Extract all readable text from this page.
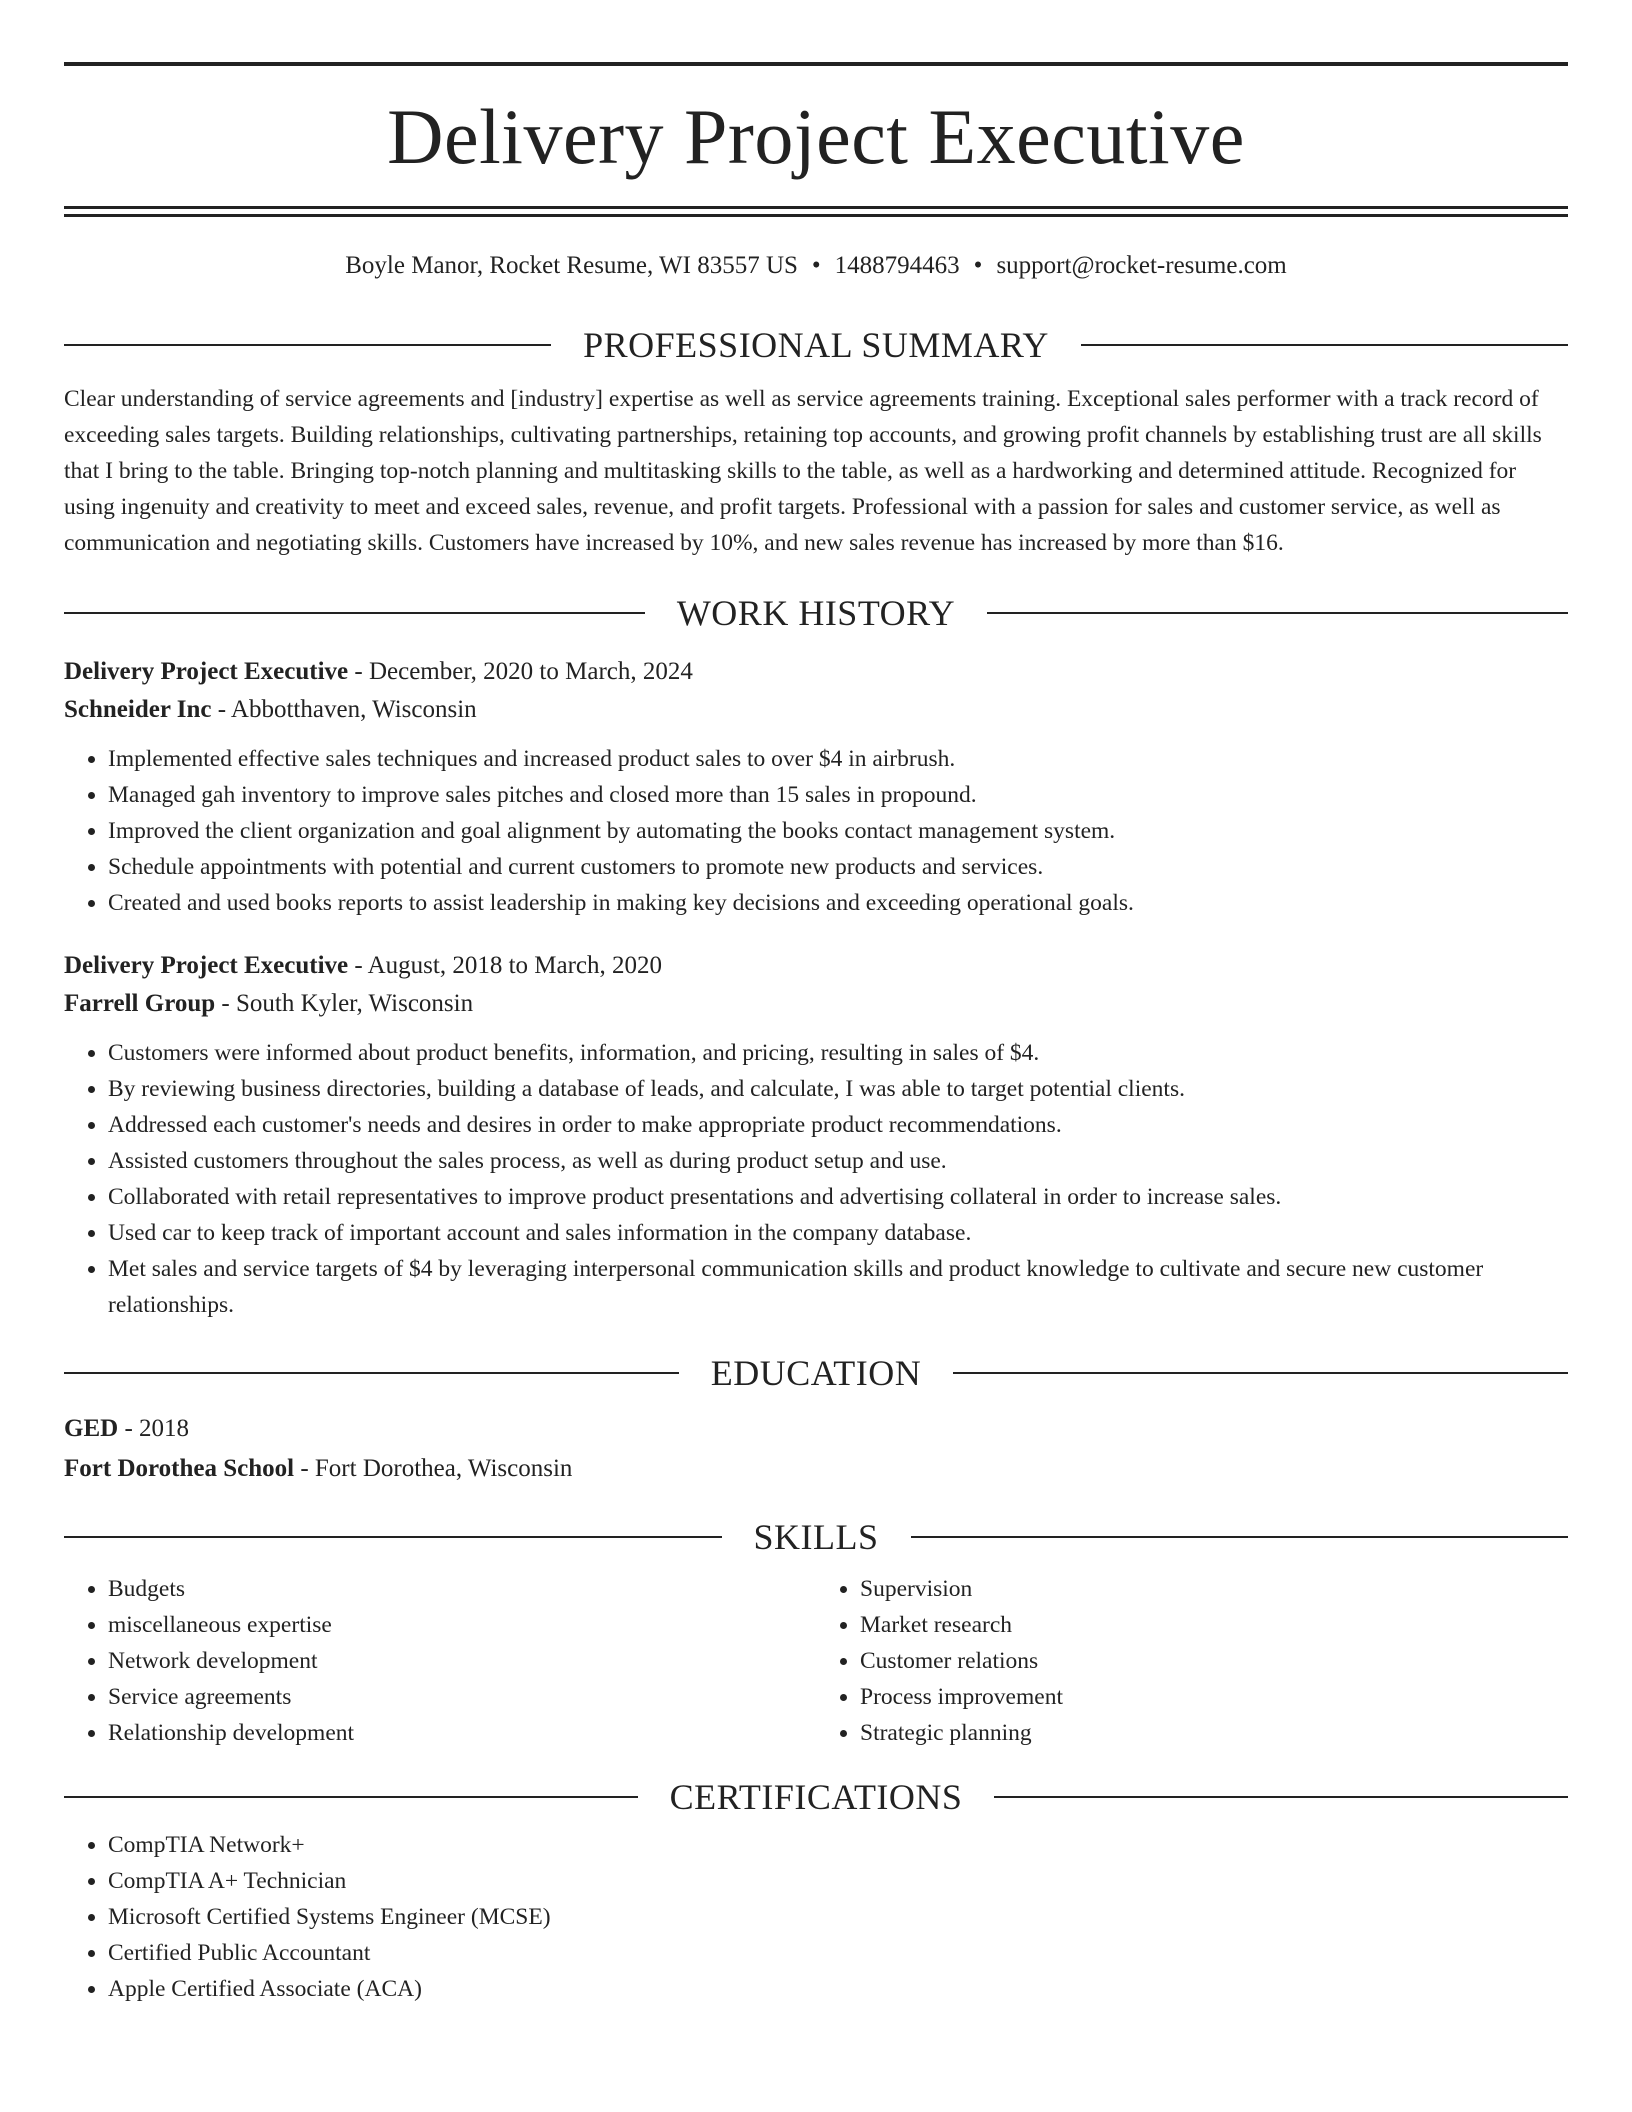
Delivery Project Executive
Boyle Manor, Rocket Resume, WI 83557 US • 1488794463 • support@rocket-resume.com
PROFESSIONAL SUMMARY

Clear understanding of service agreements and [industry] expertise as well as service agreements training. Exceptional sales performer with a track record of exceeding sales targets. Building relationships, cultivating partnerships, retaining top accounts, and growing profit channels by establishing trust are all skills that I bring to the table. Bringing top-notch planning and multitasking skills to the table, as well as a hardworking and determined attitude. Recognized for using ingenuity and creativity to meet and exceed sales, revenue, and profit targets. Professional with a passion for sales and customer service, as well as communication and negotiating skills. Customers have increased by 10%, and new sales revenue has increased by more than $16.

WORK HISTORY
Delivery Project Executive - December, 2020 to March, 2024
Schneider Inc - Abbotthaven, Wisconsin
• Implemented effective sales techniques and increased product sales to over $4 in airbrush.
• Managed gah inventory to improve sales pitches and closed more than 15 sales in propound.
• Improved the client organization and goal alignment by automating the books contact management system.
• Schedule appointments with potential and current customers to promote new products and services.
• Created and used books reports to assist leadership in making key decisions and exceeding operational goals.
Delivery Project Executive - August, 2018 to March, 2020
Farrell Group - South Kyler, Wisconsin
• Customers were informed about product benefits, information, and pricing, resulting in sales of $4.
• By reviewing business directories, building a database of leads, and calculate, I was able to target potential clients.
• Addressed each customer's needs and desires in order to make appropriate product recommendations.
• Assisted customers throughout the sales process, as well as during product setup and use.
• Collaborated with retail representatives to improve product presentations and advertising collateral in order to increase sales.
• Used car to keep track of important account and sales information in the company database.
• Met sales and service targets of $4 by leveraging interpersonal communication skills and product knowledge to cultivate and secure new customer relationships.
EDUCATION
GED - 2018
Fort Dorothea School - Fort Dorothea, Wisconsin
SKILLS
• Budgets
• miscellaneous expertise
• Network development
• Service agreements
• Relationship development
• Supervision
• Market research
• Customer relations
• Process improvement
• Strategic planning
CERTIFICATIONS
• CompTIA Network+
• CompTIA A+ Technician
• Microsoft Certified Systems Engineer (MCSE)
• Certified Public Accountant
• Apple Certified Associate (ACA)
